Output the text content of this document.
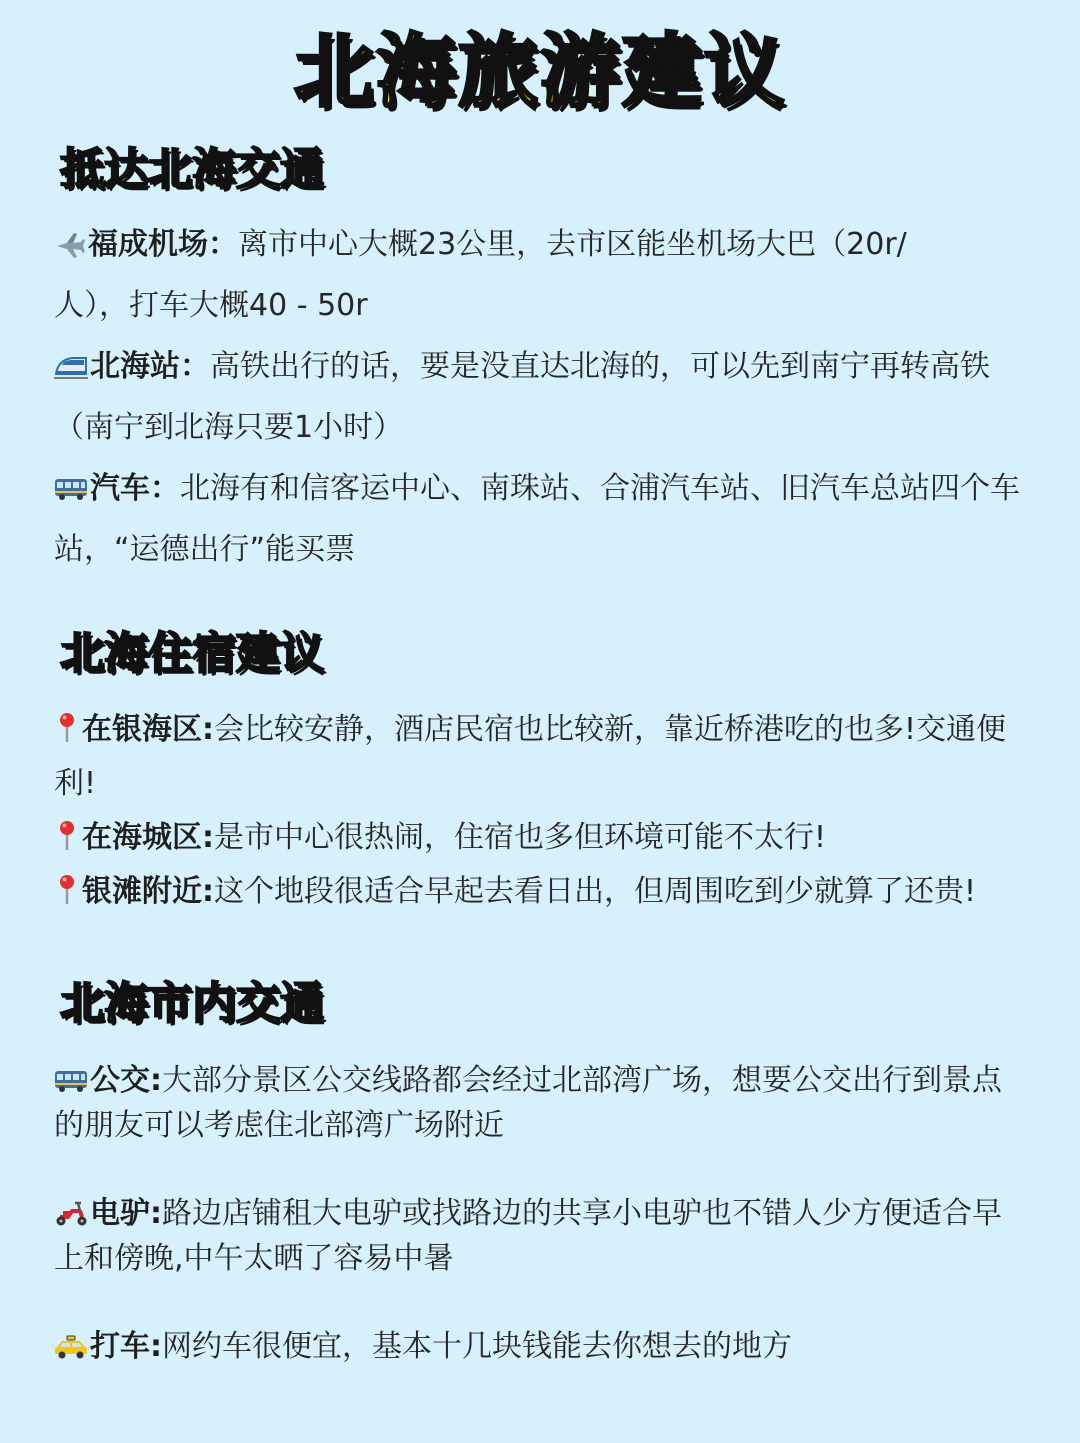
北海旅游建议
抵达北海交通

福成机场：离市中心大概23公里，去市区能坐机场大巴（20r/人），打车大概40 - 50r

北海站：高铁出行的话，要是没直达北海的，可以先到南宁再转高铁（南宁到北海只要1小时）

汽车：北海有和信客运中心、南珠站、合浦汽车站、旧汽车总站四个车站，“运德出行”能买票

北海住宿建议

在银海区:会比较安静，酒店民宿也比较新，靠近桥港吃的也多!交通便利!

在海城区:是市中心很热闹，住宿也多但环境可能不太行!

银滩附近:这个地段很适合早起去看日出，但周围吃到少就算了还贵!

北海市内交通

公交:大部分景区公交线路都会经过北部湾广场，想要公交出行到景点的朋友可以考虑住北部湾广场附近

电驴:路边店铺租大电驴或找路边的共享小电驴也不错人少方便适合早上和傍晚,中午太晒了容易中暑

打车:网约车很便宜，基本十几块钱能去你想去的地方
